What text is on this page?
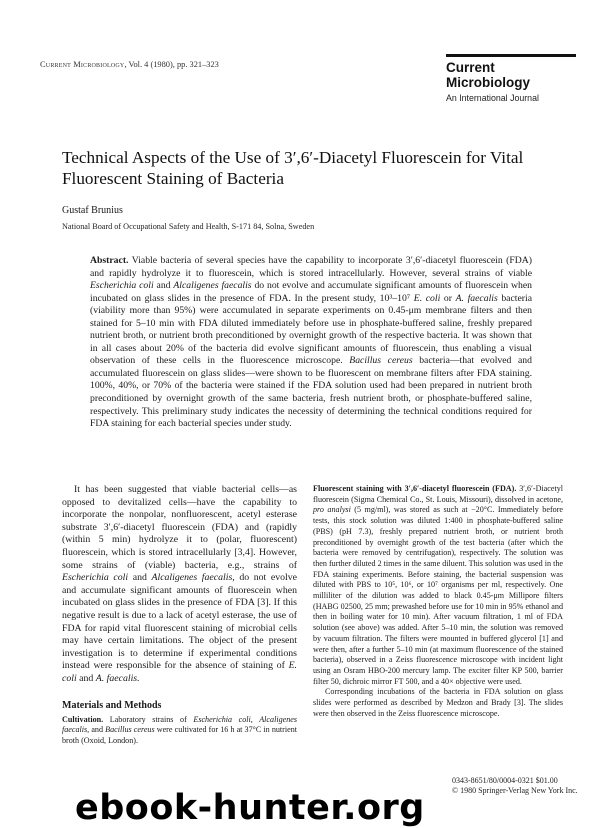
Current Microbiology, Vol. 4 (1980), pp. 321–323	Current
Microbiology
An International Journal
Technical Aspects of the Use of 3′,6′-Diacetyl Fluorescein for Vital Fluorescent Staining of Bacteria
Gustaf Brunius
National Board of Occupational Safety and Health, S-171 84, Solna, Sweden
Abstract. Viable bacteria of several species have the capability to incorporate 3′,6′-diacetyl fluorescein (FDA) and rapidly hydrolyze it to fluorescein, which is stored intracellularly. However, several strains of viable Escherichia coli and Alcaligenes faecalis do not evolve and accumulate significant amounts of fluorescein when incubated on glass slides in the presence of FDA. In the present study, 10³–10⁷ E. coli or A. faecalis bacteria (viability more than 95%) were accumulated in separate experiments on 0.45-μm membrane filters and then stained for 5–10 min with FDA diluted immediately before use in phosphate-buffered saline, freshly prepared nutrient broth, or nutrient broth preconditioned by overnight growth of the respective bacteria. It was shown that in all cases about 20% of the bacteria did evolve significant amounts of fluorescein, thus enabling a visual observation of these cells in the fluorescence microscope. Bacillus cereus bacteria—that evolved and accumulated fluorescein on glass slides—were shown to be fluorescent on membrane filters after FDA staining. 100%, 40%, or 70% of the bacteria were stained if the FDA solution used had been prepared in nutrient broth preconditioned by overnight growth of the same bacteria, fresh nutrient broth, or phosphate-buffered saline, respectively. This preliminary study indicates the necessity of determining the technical conditions required for FDA staining for each bacterial species under study.

It has been suggested that viable bacterial cells—as opposed to devitalized cells—have the capability to incorporate the nonpolar, nonfluorescent, acetyl esterase substrate 3′,6′-diacetyl fluorescein (FDA) and (rapidly (within 5 min) hydrolyze it to (polar, fluorescent) fluorescein, which is stored intracellularly [3,4]. However, some strains of (viable) bacteria, e.g., strains of Escherichia coli and Alcaligenes faecalis, do not evolve and accumulate significant amounts of fluorescein when incubated on glass slides in the presence of FDA [3]. If this negative result is due to a lack of acetyl esterase, the use of FDA for rapid vital fluorescent staining of microbial cells may have certain limitations. The object of the present investigation is to determine if experimental conditions instead were responsible for the absence of staining of E. coli and A. faecalis.

Materials and Methods

Cultivation. Laboratory strains of Escherichia coli, Alcaligenes faecalis, and Bacillus cereus were cultivated for 16 h at 37°C in nutrient broth (Oxoid, London).

Fluorescent staining with 3′,6′-diacetyl fluorescein (FDA). 3′,6′-Diacetyl fluorescein (Sigma Chemical Co., St. Louis, Missouri), dissolved in acetone, pro analysi (5 mg/ml), was stored as such at −20°C. Immediately before tests, this stock solution was diluted 1:400 in phosphate-buffered saline (PBS) (pH 7.3), freshly prepared nutrient broth, or nutrient broth preconditioned by overnight growth of the test bacteria (after which the bacteria were removed by centrifugation), respectively. The solution was then further diluted 2 times in the same diluent. This solution was used in the FDA staining experiments. Before staining, the bacterial suspension was diluted with PBS to 10⁵, 10⁶, or 10⁷ organisms per ml, respectively. One milliliter of the dilution was added to black 0.45-μm Millipore filters (HABG 02500, 25 mm; prewashed before use for 10 min in 95% ethanol and then in boiling water for 10 min). After vacuum filtration, 1 ml of FDA solution (see above) was added. After 5–10 min, the solution was removed by vacuum filtration. The filters were mounted in buffered glycerol [1] and were then, after a further 5–10 min (at maximum fluorescence of the stained bacteria), observed in a Zeiss fluorescence microscope with incident light using an Osram HBO-200 mercury lamp. The exciter filter KP 500, barrier filter 50, dichroic mirror FT 500, and a 40× objective were used.

Corresponding incubations of the bacteria in FDA solution on glass slides were performed as described by Medzon and Brady [3]. The slides were then observed in the Zeiss fluorescence microscope.

0343-8651/80/0004-0321 $01.00
© 1980 Springer-Verlag New York Inc.
ebook-hunter.org
